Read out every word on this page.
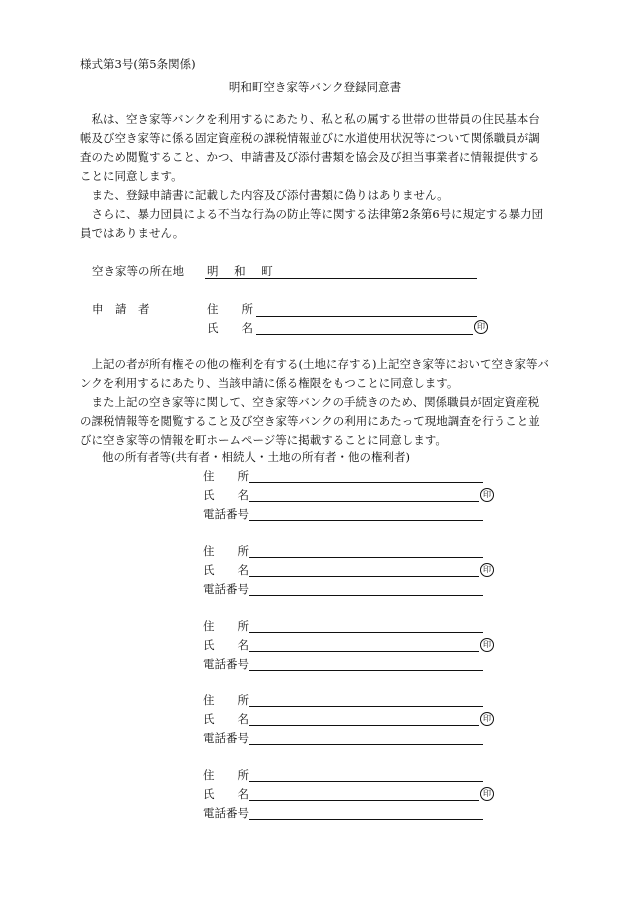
様式第3号(第5条関係)
明和町空き家等バンク登録同意書

私は、空き家等バンクを利用するにあたり、私と私の属する世帯の世帯員の住民基本台帳及び空き家等に係る固定資産税の課税情報並びに水道使用状況等について関係職員が調査のため閲覧すること、かつ、申請書及び添付書類を協会及び担当事業者に情報提供することに同意します。

また、登録申請書に記載した内容及び添付書類に偽りはありません。

さらに、暴力団員による不当な行為の防止等に関する法律第2条第6号に規定する暴力団員ではありません。

空き家等の所在地 明 和 町
申　請　者	住　　所
氏　　名	印

上記の者が所有権その他の権利を有する(土地に存する)上記空き家等において空き家等バンクを利用するにあたり、当該申請に係る権限をもつことに同意します。

また上記の空き家等に関して、空き家等バンクの手続きのため、関係職員が固定資産税の課税情報等を閲覧すること及び空き家等バンクの利用にあたって現地調査を行うこと並びに空き家等の情報を町ホームページ等に掲載することに同意します。

他の所有者等(共有者・相続人・土地の所有者・他の権利者)
住　　所
氏　　名	印
電話番号
住　　所
氏　　名	印
電話番号
住　　所
氏　　名	印
電話番号
住　　所
氏　　名	印
電話番号
住　　所
氏　　名	印
電話番号
